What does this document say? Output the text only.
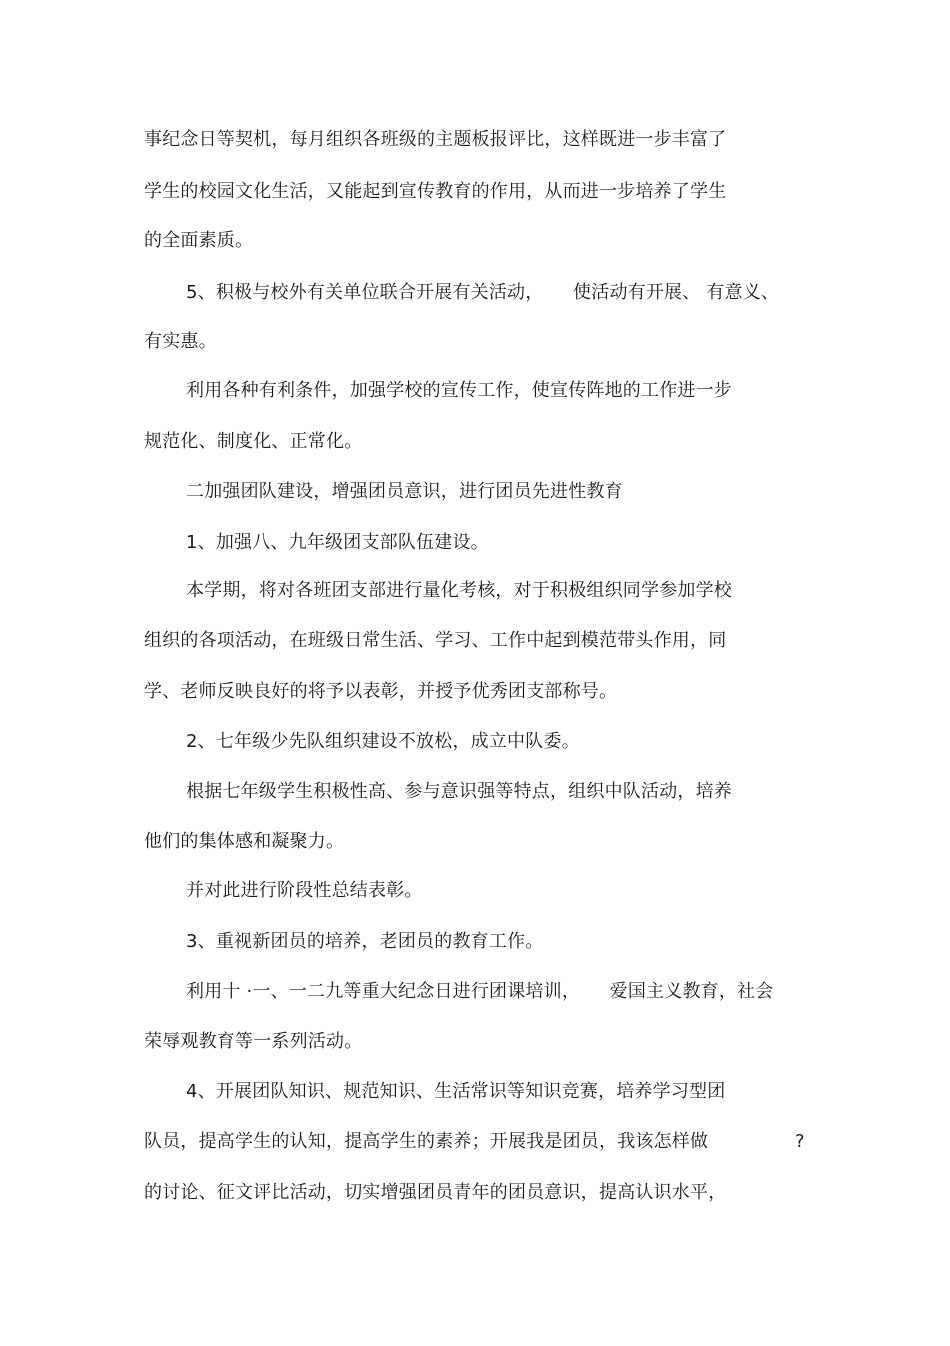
事纪念日等契机，每月组织各班级的主题板报评比，这样既进一步丰富了
学生的校园文化生活，又能起到宣传教育的作用，从而进一步培养了学生
的全面素质。
5、积极与校外有关单位联合开展有关活动，     使活动有开展、 有意义、
有实惠。
利用各种有利条件，加强学校的宣传工作，使宣传阵地的工作进一步
规范化、制度化、正常化。
二加强团队建设，增强团员意识，进行团员先进性教育
1、加强八、九年级团支部队伍建设。
本学期，将对各班团支部进行量化考核，对于积极组织同学参加学校
组织的各项活动，在班级日常生活、学习、工作中起到模范带头作用，同
学、老师反映良好的将予以表彰，并授予优秀团支部称号。
2、七年级少先队组织建设不放松，成立中队委。
根据七年级学生积极性高、参与意识强等特点，组织中队活动，培养
他们的集体感和凝聚力。
并对此进行阶段性总结表彰。
3、重视新团员的培养，老团员的教育工作。
利用十 ·一、一二九等重大纪念日进行团课培训，     爱国主义教育，社会
荣辱观教育等一系列活动。
4、开展团队知识、规范知识、生活常识等知识竞赛，培养学习型团
队员，提高学生的认知，提高学生的素养；开展我是团员，我该怎样做	?
的讨论、征文评比活动，切实增强团员青年的团员意识，提高认识水平，
